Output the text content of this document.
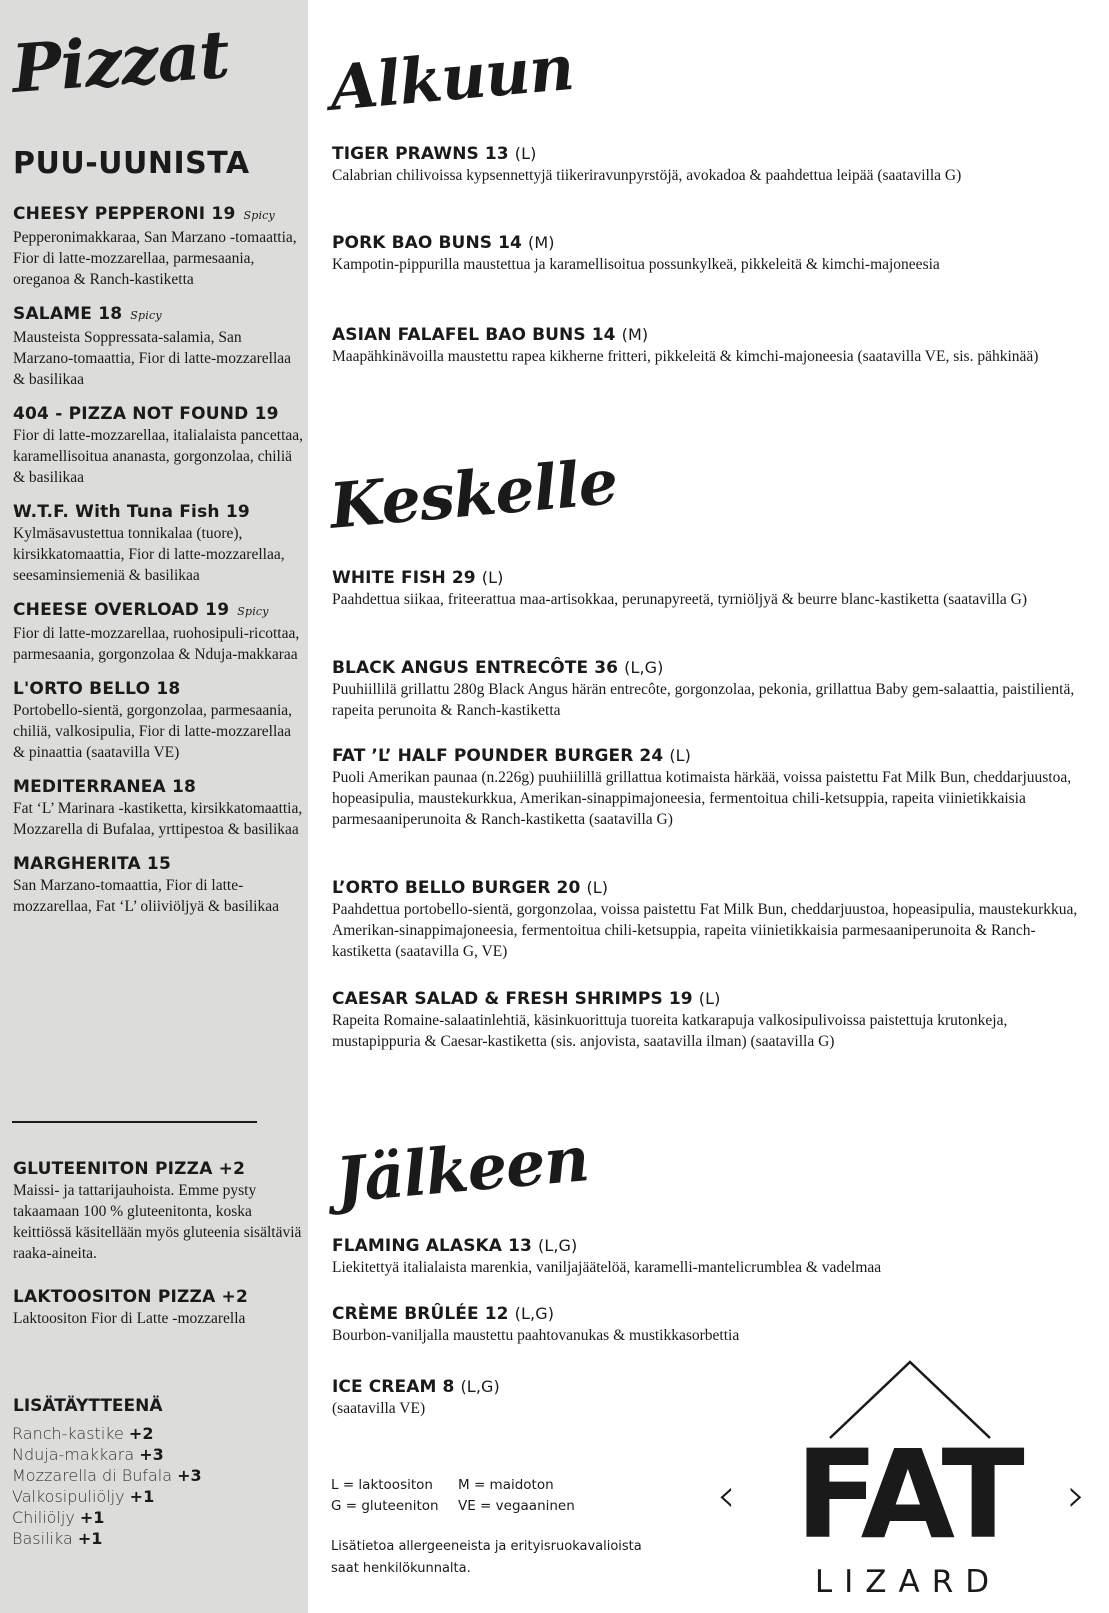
Pizzat
PUU-UUNISTA
CHEESY PEPPERONI 19 Spicy
Pepperonimakkaraa, San Marzano -tomaattia, Fior di latte-mozzarellaa, parmesaania, oreganoa & Ranch-kastiketta
SALAME 18 Spicy
Mausteista Soppressata-salamia, San Marzano-tomaattia, Fior di latte-mozzarellaa & basilikaa
404 - PIZZA NOT FOUND 19
Fior di latte-mozzarellaa, italialaista pancettaa, karamellisoitua ananasta, gorgonzolaa, chiliä & basilikaa
W.T.F. With Tuna Fish 19
Kylmäsavustettua tonnikalaa (tuore), kirsikkatomaattia, Fior di latte-mozzarellaa, seesaminsiemeniä & basilikaa
CHEESE OVERLOAD 19 Spicy
Fior di latte-mozzarellaa, ruohosipuli-ricottaa, parmesaania, gorgonzolaa & Nduja-makkaraa
L'ORTO BELLO 18
Portobello-sientä, gorgonzolaa, parmesaania, chiliä, valkosipulia, Fior di latte-mozzarellaa & pinaattia (saatavilla VE)
MEDITERRANEA 18
Fat ‘L’ Marinara -kastiketta, kirsikkatomaattia, Mozzarella di Bufalaa, yrttipestoa & basilikaa
MARGHERITA 15
San Marzano-tomaattia, Fior di latte-mozzarellaa, Fat ‘L’ oliiviöljyä & basilikaa
GLUTEENITON PIZZA +2
Maissi- ja tattarijauhoista. Emme pysty takaamaan 100 % gluteenitonta, koska keittiössä käsitellään myös gluteenia sisältäviä raaka-aineita.
LAKTOOSITON PIZZA +2
Laktoositon Fior di Latte -mozzarella
LISÄTÄYTTEENÄ
Ranch-kastike +2
Nduja-makkara +3
Mozzarella di Bufala +3
Valkosipuliöljy +1
Chiliöljy +1
Basilika +1
Alkuun
TIGER PRAWNS 13 (L)
Calabrian chilivoissa kypsennettyjä tiikeriravunpyrstöjä, avokadoa & paahdettua leipää (saatavilla G)
PORK BAO BUNS 14 (M)
Kampotin-pippurilla maustettua ja karamellisoitua possunkylkeä, pikkeleitä & kimchi-majoneesia
ASIAN FALAFEL BAO BUNS 14 (M)
Maapähkinävoilla maustettu rapea kikherne fritteri, pikkeleitä & kimchi-majoneesia (saatavilla VE, sis. pähkinää)
Keskelle
WHITE FISH 29 (L)
Paahdettua siikaa, friteerattua maa-artisokkaa, perunapyreetä, tyrniöljyä & beurre blanc-kastiketta (saatavilla G)
BLACK ANGUS ENTRECÔTE 36 (L,G)
Puuhiillilä grillattu 280g Black Angus härän entrecôte, gorgonzolaa, pekonia, grillattua Baby gem-salaattia, paistilientä, rapeita perunoita & Ranch-kastiketta
FAT ’L’ HALF POUNDER BURGER 24 (L)
Puoli Amerikan paunaa (n.226g) puuhiilillä grillattua kotimaista härkää, voissa paistettu Fat Milk Bun, cheddarjuustoa, hopeasipulia, maustekurkkua, Amerikan-sinappimajoneesia, fermentoitua chili-ketsuppia, rapeita viinietikkaisia parmesaaniperunoita & Ranch-kastiketta (saatavilla G)
L’ORTO BELLO BURGER 20 (L)
Paahdettua portobello-sientä, gorgonzolaa, voissa paistettu Fat Milk Bun, cheddarjuustoa, hopeasipulia, maustekurkkua, Amerikan-sinappimajoneesia, fermentoitua chili-ketsuppia, rapeita viinietikkaisia parmesaaniperunoita & Ranch-kastiketta (saatavilla G, VE)
CAESAR SALAD & FRESH SHRIMPS 19 (L)
Rapeita Romaine-salaatinlehtiä, käsinkuorittuja tuoreita katkarapuja valkosipulivoissa paistettuja krutonkeja, mustapippuria & Caesar-kastiketta (sis. anjovista, saatavilla ilman) (saatavilla G)
Jälkeen
FLAMING ALASKA 13 (L,G)
Liekitettyä italialaista marenkia, vaniljajäätelöä, karamelli-mantelicrumblea & vadelmaa
CRÈME BRÛLÉE 12 (L,G)
Bourbon-vaniljalla maustettu paahtovanukas & mustikkasorbettia
ICE CREAM 8 (L,G)
(saatavilla VE)
L = laktoositon M = maidoton
G = gluteeniton VE = vegaaninen
Lisätietoa allergeeneista ja erityisruokavalioista
saat henkilökunnalta.
‹	›
FAT
LIZARD
